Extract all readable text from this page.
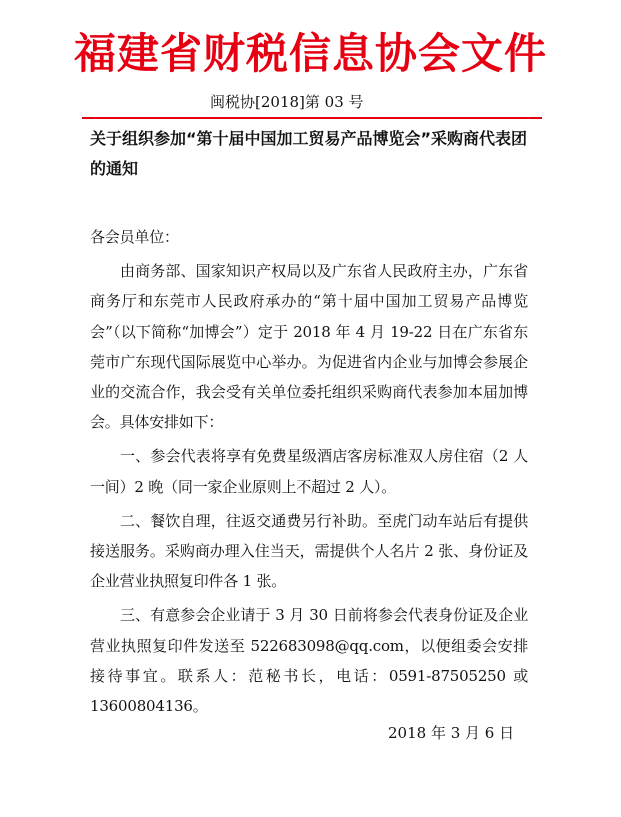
福建省财税信息协会文件
闽税协[2018]第 03 号
关于组织参加“第十届中国加工贸易产品博览会”采购商代表团的通知

各会员单位：

由商务部、国家知识产权局以及广东省人民政府主办，广东省商务厅和东莞市人民政府承办的“第十届中国加工贸易产品博览会”（以下简称“加博会”）定于 2018 年 4 月 19-22 日在广东省东莞市广东现代国际展览中心举办。为促进省内企业与加博会参展企业的交流合作，我会受有关单位委托组织采购商代表参加本届加博会。具体安排如下：

一、参会代表将享有免费星级酒店客房标准双人房住宿（2 人一间）2 晚（同一家企业原则上不超过 2 人）。

二、餐饮自理，往返交通费另行补助。至虎门动车站后有提供接送服务。采购商办理入住当天，需提供个人名片 2 张、身份证及企业营业执照复印件各 1 张。

三、有意参会企业请于 3 月 30 日前将参会代表身份证及企业营业执照复印件发送至 522683098@qq.com，以便组委会安排接待事宜。联系人：范秘书长，电话：0591-87505250 或 13600804136。

2018 年 3 月 6 日
